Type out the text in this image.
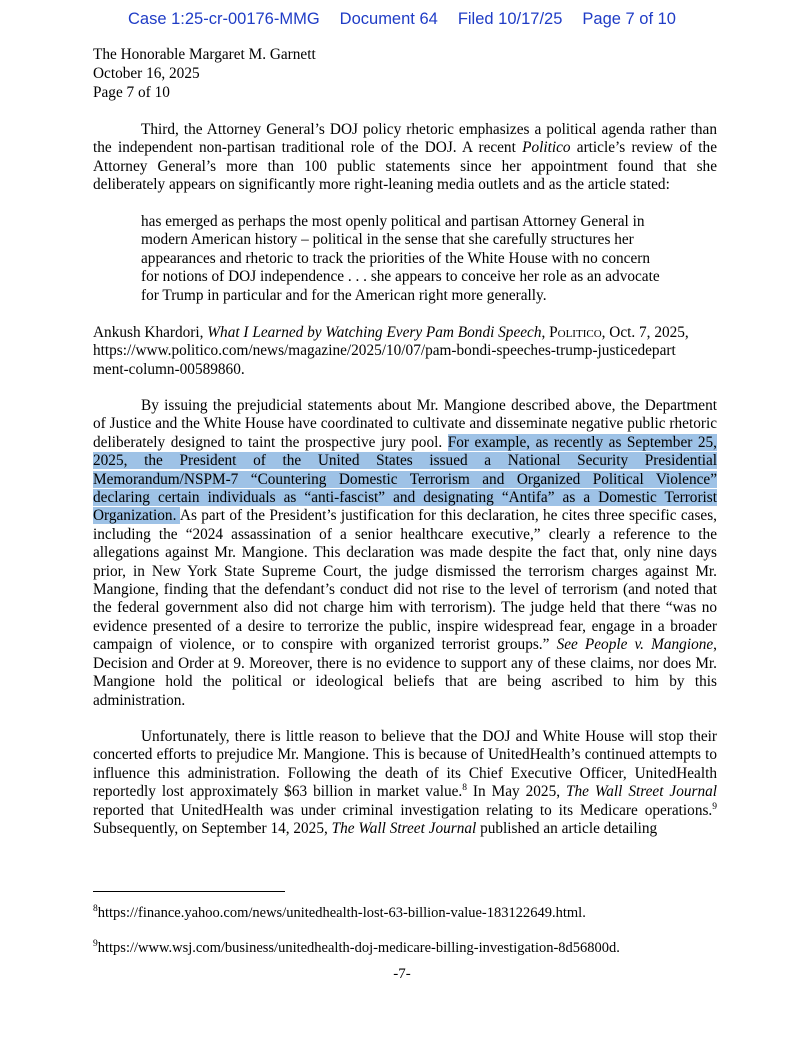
Case 1:25-cr-00176-MMG Document 64 Filed 10/17/25 Page 7 of 10
The Honorable Margaret M. Garnett
October 16, 2025
Page 7 of 10

Third, the Attorney General’s DOJ policy rhetoric emphasizes a political agenda rather than the independent non-partisan traditional role of the DOJ. A recent Politico article’s review of the Attorney General’s more than 100 public statements since her appointment found that she deliberately appears on significantly more right-leaning media outlets and as the article stated:

has emerged as perhaps the most openly political and partisan Attorney General in
modern American history – political in the sense that she carefully structures her
appearances and rhetoric to track the priorities of the White House with no concern
for notions of DOJ independence . . . she appears to conceive her role as an advocate
for Trump in particular and for the American right more generally.
Ankush Khardori, What I Learned by Watching Every Pam Bondi Speech, Politico, Oct. 7, 2025,
https://www.politico.com/news/magazine/2025/10/07/pam-bondi-speeches-trump-justicedepart
ment-column-00589860.

By issuing the prejudicial statements about Mr. Mangione described above, the Department of Justice and the White House have coordinated to cultivate and disseminate negative public rhetoric deliberately designed to taint the prospective jury pool. For example, as recently as September 25, 2025, the President of the United States issued a National Security Presidential Memorandum/NSPM-7 “Countering Domestic Terrorism and Organized Political Violence” declaring certain individuals as “anti-fascist” and designating “Antifa” as a Domestic Terrorist Organization. As part of the President’s justification for this declaration, he cites three specific cases, including the “2024 assassination of a senior healthcare executive,” clearly a reference to the allegations against Mr. Mangione. This declaration was made despite the fact that, only nine days prior, in New York State Supreme Court, the judge dismissed the terrorism charges against Mr. Mangione, finding that the defendant’s conduct did not rise to the level of terrorism (and noted that the federal government also did not charge him with terrorism). The judge held that there “was no evidence presented of a desire to terrorize the public, inspire widespread fear, engage in a broader campaign of violence, or to conspire with organized terrorist groups.” See People v. Mangione, Decision and Order at 9. Moreover, there is no evidence to support any of these claims, nor does Mr. Mangione hold the political or ideological beliefs that are being ascribed to him by this administration.

Unfortunately, there is little reason to believe that the DOJ and White House will stop their concerted efforts to prejudice Mr. Mangione. This is because of UnitedHealth’s continued attempts to influence this administration. Following the death of its Chief Executive Officer, UnitedHealth reportedly lost approximately $63 billion in market value.$^8$ In May 2025, The Wall Street Journal reported that UnitedHealth was under criminal investigation relating to its Medicare operations.$^9$ Subsequently, on September 14, 2025, The Wall Street Journal published an article detailing

$^8$https://finance.yahoo.com/news/unitedhealth-lost-63-billion-value-183122649.html.
$^9$https://www.wsj.com/business/unitedhealth-doj-medicare-billing-investigation-8d56800d.
-7-
